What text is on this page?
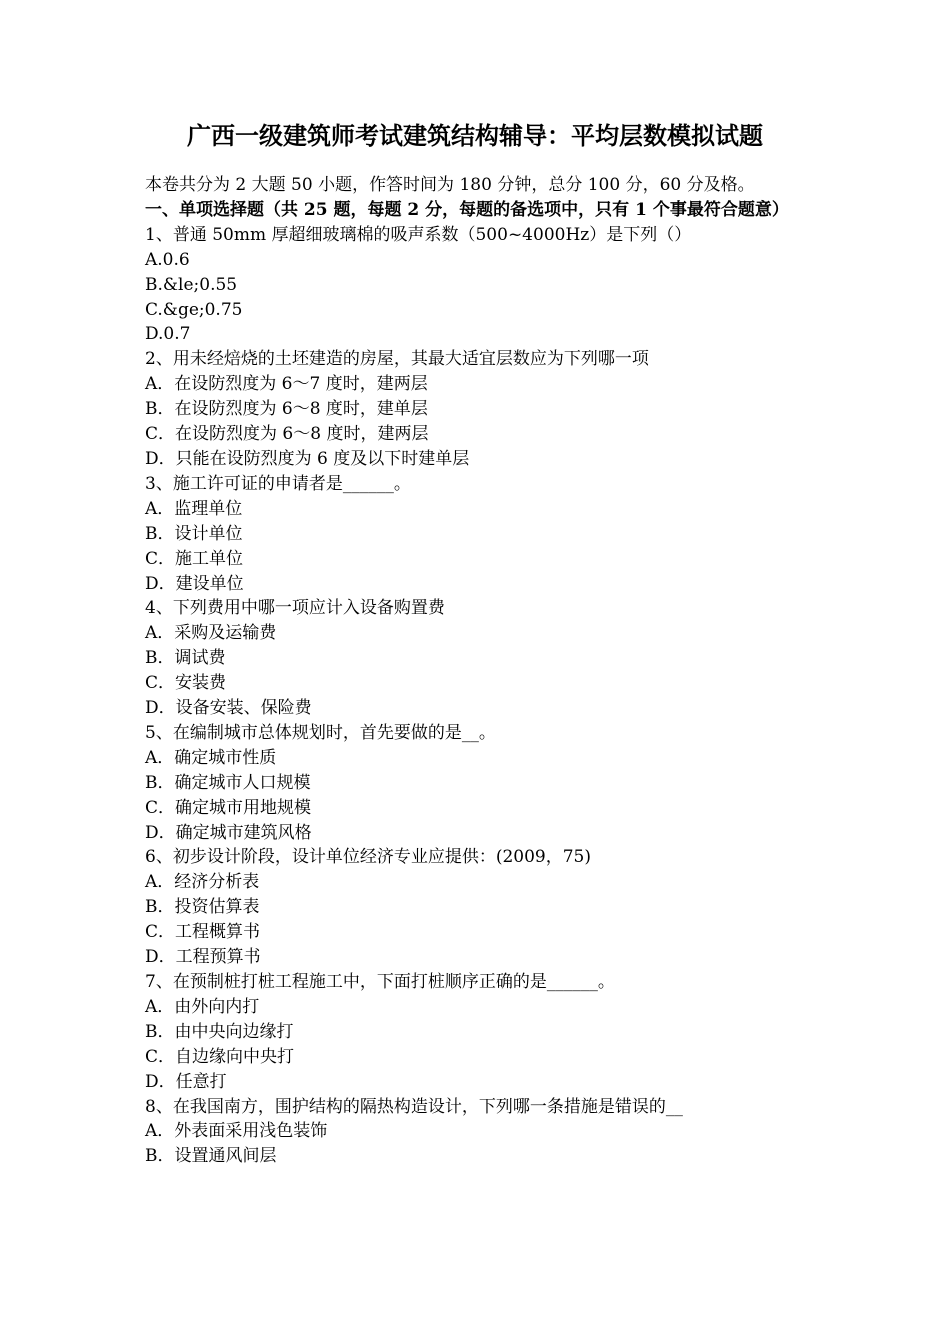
广西一级建筑师考试建筑结构辅导：平均层数模拟试题
本卷共分为 2 大题 50 小题，作答时间为 180 分钟，总分 100 分，60 分及格。
一、单项选择题（共 25 题，每题 2 分，每题的备选项中，只有 1 个事最符合题意）
1、普通 50mm 厚超细玻璃棉的吸声系数（500~4000Hz）是下列（）
A.0.6
B.&le;0.55
C.&ge;0.75
D.0.7
2、用未经焙烧的土坯建造的房屋，其最大适宜层数应为下列哪一项
A．在设防烈度为 6～7 度时，建两层
B．在设防烈度为 6～8 度时，建单层
C．在设防烈度为 6～8 度时，建两层
D．只能在设防烈度为 6 度及以下时建单层
3、施工许可证的申请者是______。
A．监理单位
B．设计单位
C．施工单位
D．建设单位
4、下列费用中哪一项应计入设备购置费
A．采购及运输费
B．调试费
C．安装费
D．设备安装、保险费
5、在编制城市总体规划时，首先要做的是__。
A．确定城市性质
B．确定城市人口规模
C．确定城市用地规模
D．确定城市建筑风格
6、初步设计阶段，设计单位经济专业应提供：(2009，75)
A．经济分析表
B．投资估算表
C．工程概算书
D．工程预算书
7、在预制桩打桩工程施工中，下面打桩顺序正确的是______。
A．由外向内打
B．由中央向边缘打
C．自边缘向中央打
D．任意打
8、在我国南方，围护结构的隔热构造设计，下列哪一条措施是错误的__
A．外表面采用浅色装饰
B．设置通风间层
